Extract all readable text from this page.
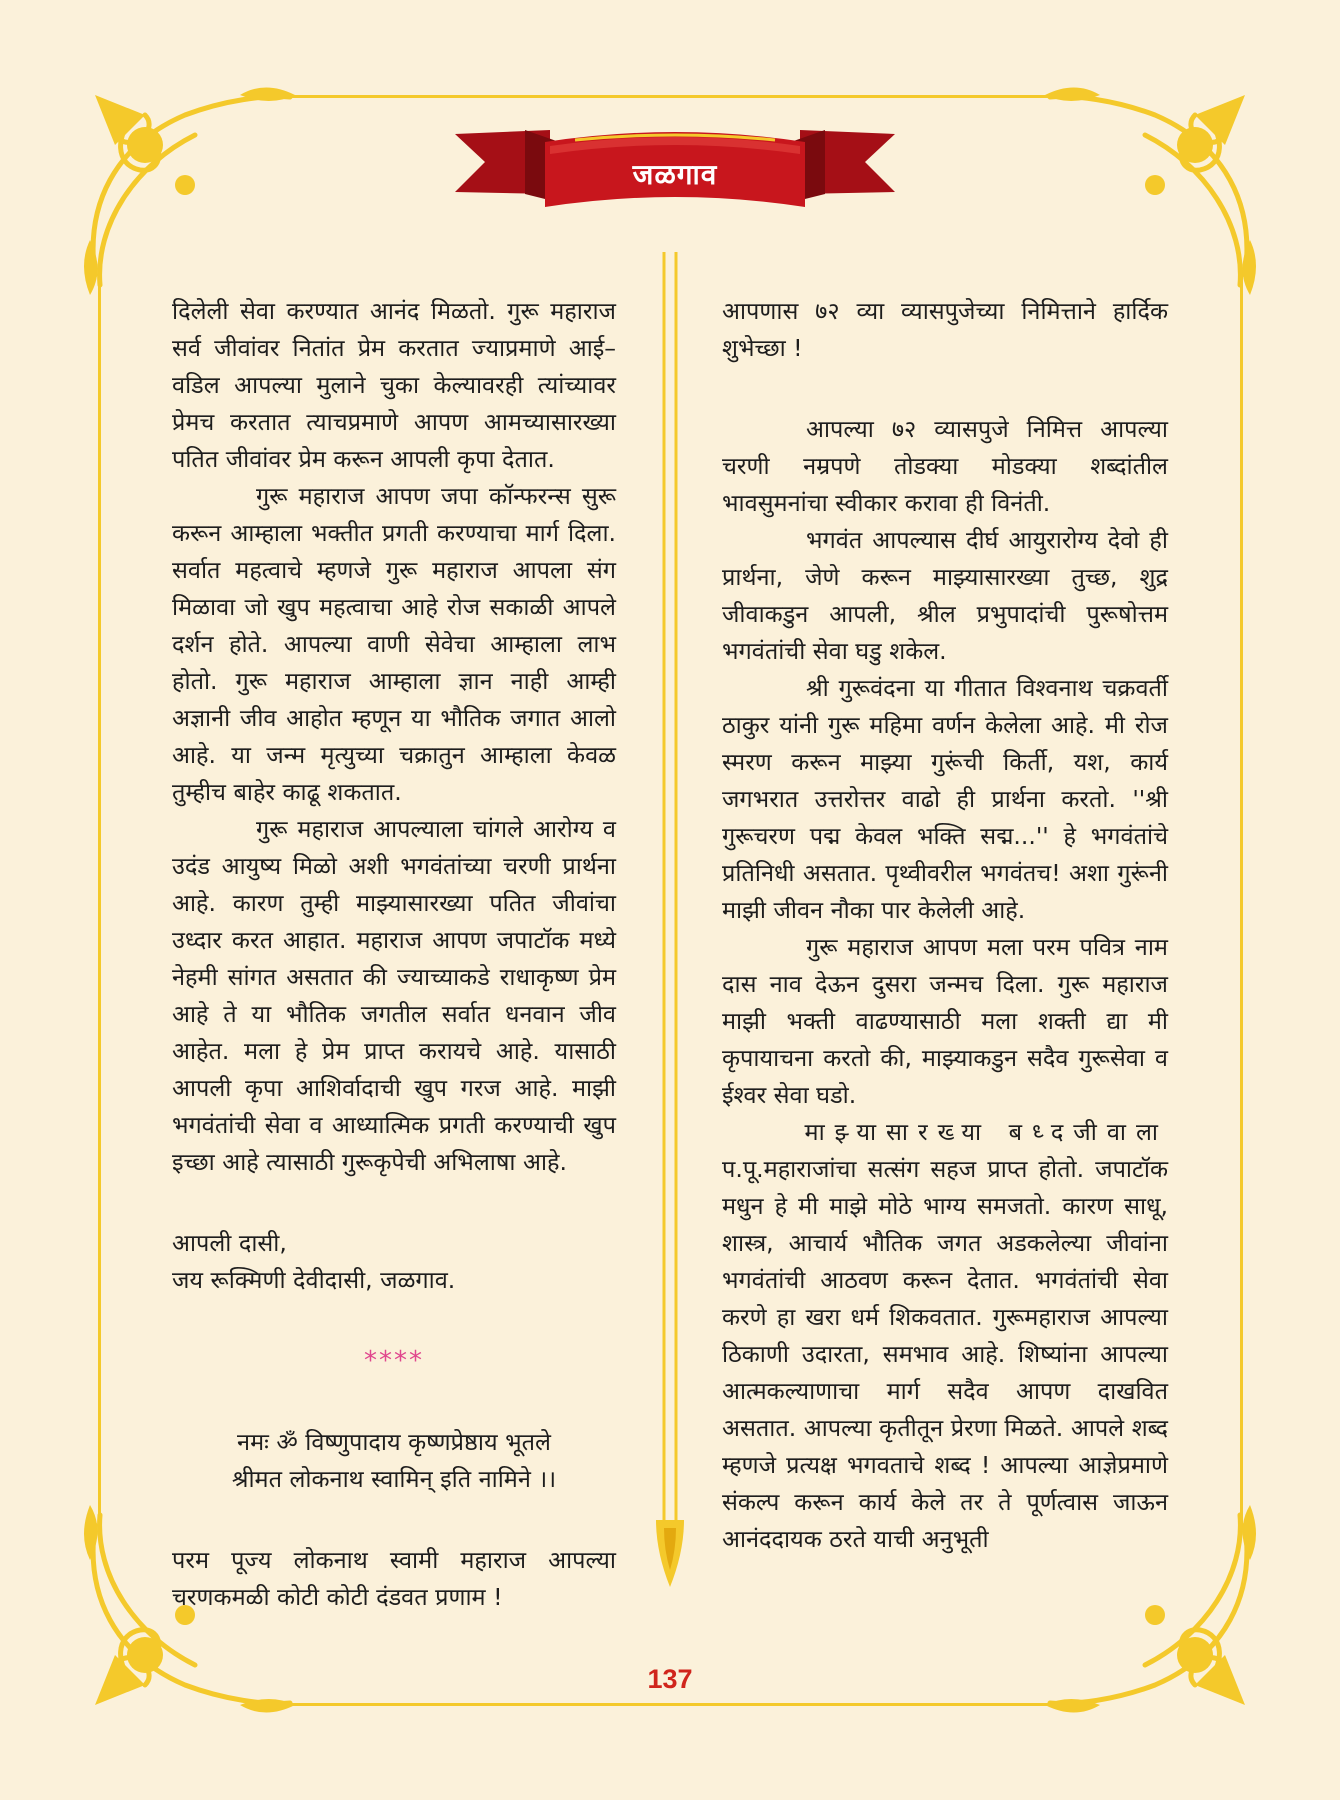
जळगाव

दिलेली सेवा करण्यात आनंद मिळतो. गुरू महाराज सर्व जीवांवर नितांत प्रेम करतात ज्याप्रमाणे आई–वडिल आपल्या मुलाने चुका केल्यावरही त्यांच्यावर प्रेमच करतात त्याचप्रमाणे आपण आमच्यासारख्या पतित जीवांवर प्रेम करून आपली कृपा देतात.

गुरू महाराज आपण जपा कॉन्फरन्स सुरू करून आम्हाला भक्तीत प्रगती करण्याचा मार्ग दिला. सर्वात महत्वाचे म्हणजे गुरू महाराज आपला संग मिळावा जो खुप महत्वाचा आहे रोज सकाळी आपले दर्शन होते. आपल्या वाणी सेवेचा आम्हाला लाभ होतो. गुरू महाराज आम्हाला ज्ञान नाही आम्ही अज्ञानी जीव आहोत म्हणून या भौतिक जगात आलो आहे. या जन्म मृत्युच्या चक्रातुन आम्हाला केवळ तुम्हीच बाहेर काढू शकतात.

गुरू महाराज आपल्याला चांगले आरोग्य व उदंड आयुष्य मिळो अशी भगवंतांच्या चरणी प्रार्थना आहे. कारण तुम्ही माझ्यासारख्या पतित जीवांचा उध्दार करत आहात. महाराज आपण जपाटॉक मध्ये नेहमी सांगत असतात की ज्याच्याकडे राधाकृष्ण प्रेम आहे ते या भौतिक जगतील सर्वात धनवान जीव आहेत. मला हे प्रेम प्राप्त करायचे आहे. यासाठी आपली कृपा आशिर्वादाची खुप गरज आहे. माझी भगवंतांची सेवा व आध्यात्मिक प्रगती करण्याची खुप इच्छा आहे त्यासाठी गुरूकृपेची अभिलाषा आहे.

आपली दासी,

जय रूक्मिणी देवीदासी, जळगाव.

****

नमः ॐ विष्णुपादाय कृष्णप्रेष्ठाय भूतले

श्रीमत लोकनाथ स्वामिन् इति नामिने ।।

परम पूज्य लोकनाथ स्वामी महाराज आपल्या चरणकमळी कोटी कोटी दंडवत प्रणाम !

आपणास ७२ व्या व्यासपुजेच्या निमित्ताने हार्दिक शुभेच्छा !

आपल्या ७२ व्यासपुजे निमित्त आपल्या चरणी नम्रपणे तोडक्या मोडक्या शब्दांतील भावसुमनांचा स्वीकार करावा ही विनंती.

भगवंत आपल्यास दीर्घ आयुरारोग्य देवो ही प्रार्थना, जेणे करून माझ्यासारख्या तुच्छ, शुद्र जीवाकडुन आपली, श्रील प्रभुपादांची पुरूषोत्तम भगवंतांची सेवा घडु शकेल.

श्री गुरूवंदना या गीतात विश्वनाथ चक्रवर्ती ठाकुर यांनी गुरू महिमा वर्णन केलेला आहे. मी रोज स्मरण करून माझ्या गुरूंची किर्ती, यश, कार्य जगभरात उत्तरोत्तर वाढो ही प्रार्थना करतो. ''श्री गुरूचरण पद्म केवल भक्ति सद्म...'' हे भगवंतांचे प्रतिनिधी असतात. पृथ्वीवरील भगवंतच! अशा गुरूंनी माझी जीवन नौका पार केलेली आहे.

गुरू महाराज आपण मला परम पवित्र नाम दास नाव देऊन दुसरा जन्मच दिला. गुरू महाराज माझी भक्ती वाढण्यासाठी मला शक्ती द्या मी कृपायाचना करतो की, माझ्याकडुन सदैव गुरूसेवा व ईश्वर सेवा घडो.

माझ्यासारख्या बध्दजीवाला

प.पू.महाराजांचा सत्संग सहज प्राप्त होतो. जपाटॉक मधुन हे मी माझे मोठे भाग्य समजतो. कारण साधू, शास्त्र, आचार्य भौतिक जगत अडकलेल्या जीवांना भगवंतांची आठवण करून देतात. भगवंतांची सेवा करणे हा खरा धर्म शिकवतात. गुरूमहाराज आपल्या ठिकाणी उदारता, समभाव आहे. शिष्यांना आपल्या आत्मकल्याणाचा मार्ग सदैव आपण दाखवित असतात. आपल्या कृतीतून प्रेरणा मिळते. आपले शब्द म्हणजे प्रत्यक्ष भगवताचे शब्द ! आपल्या आज्ञेप्रमाणे संकल्प करून कार्य केले तर ते पूर्णत्वास जाऊन आनंददायक ठरते याची अनुभूती

137
